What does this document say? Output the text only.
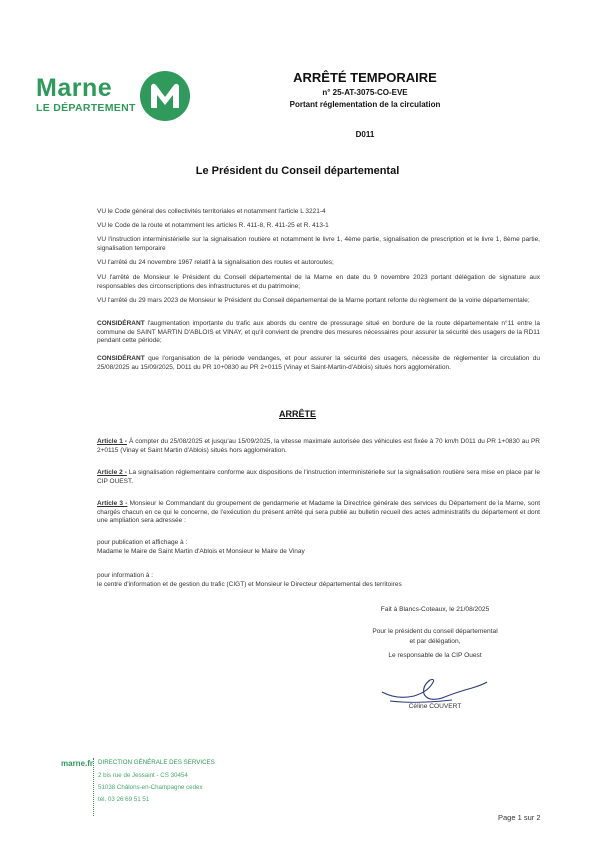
Marne
LE DÉPARTEMENT
ARRÊTÉ TEMPORAIRE
n° 25-AT-3075-CO-EVE
Portant réglementation de la circulation
D011
Le Président du Conseil départemental

VU le Code général des collectivités territoriales et notamment l'article L 3221-4

VU le Code de la route et notamment les articles R. 411-8, R. 411-25 et R. 413-1

VU l'instruction interministérielle sur la signalisation routière et notamment le livre 1, 4ème partie, signalisation de prescription et le livre 1, 8ème partie, signalisation temporaire

VU l'arrêté du 24 novembre 1967 relatif à la signalisation des routes et autoroutes;

VU l'arrêté de Monsieur le Président du Conseil départemental de la Marne en date du 9 novembre 2023 portant délégation de signature aux responsables des circonscriptions des infrastructures et du patrimoine;

VU l'arrêté du 29 mars 2023 de Monsieur le Président du Conseil départemental de la Marne portant refonte du règlement de la voirie départementale;

CONSIDÉRANT l'augmentation importante du trafic aux abords du centre de pressurage situé en bordure de la route départementale n°11 entre la commune de SAINT MARTIN D'ABLOIS et VINAY, et qu'il convient de prendre des mesures nécessaires pour assurer la sécurité des usagers de la RD11 pendant cette période;

CONSIDÉRANT que l'organisation de la période vendanges, et pour assurer la sécurité des usagers, nécessite de réglementer la circulation du 25/08/2025 au 15/09/2025, D011 du PR 10+0830 au PR 2+0115 (Vinay et Saint-Martin-d'Ablois) situés hors agglomération.

ARRÊTE

Article 1 - À compter du 25/08/2025 et jusqu'au 15/09/2025, la vitesse maximale autorisée des véhicules est fixée à 70 km/h D011 du PR 1+0830 au PR 2+0115 (Vinay et Saint Martin d'Ablois) situés hors agglomération.

Article 2 - La signalisation réglementaire conforme aux dispositions de l'instruction interministérielle sur la signalisation routière sera mise en place par le CIP OUEST.

Article 3 - Monsieur le Commandant du groupement de gendarmerie et Madame la Directrice générale des services du Département de la Marne, sont chargés chacun en ce qui le concerne, de l'exécution du présent arrêté qui sera publié au bulletin recueil des actes administratifs du département et dont une ampliation sera adressée :

pour publication et affichage à :

Madame le Maire de Saint Martin d'Ablois et Monsieur le Maire de Vinay

pour information à :

le centre d'information et de gestion du trafic (CIGT) et Monsieur le Directeur départemental des territoires

Fait à Blancs-Coteaux, le 21/08/2025
Pour le président du conseil départemental
et par délégation,
Le responsable de la CIP Ouest
Céline COUVERT
marne.fr DIRECTION GÉNÉRALE DES SERVICES
2 bis rue de Jessaint - CS 30454
51038 Châlons-en-Champagne cedex
tél. 03 26 69 51 51
Page 1 sur 2
